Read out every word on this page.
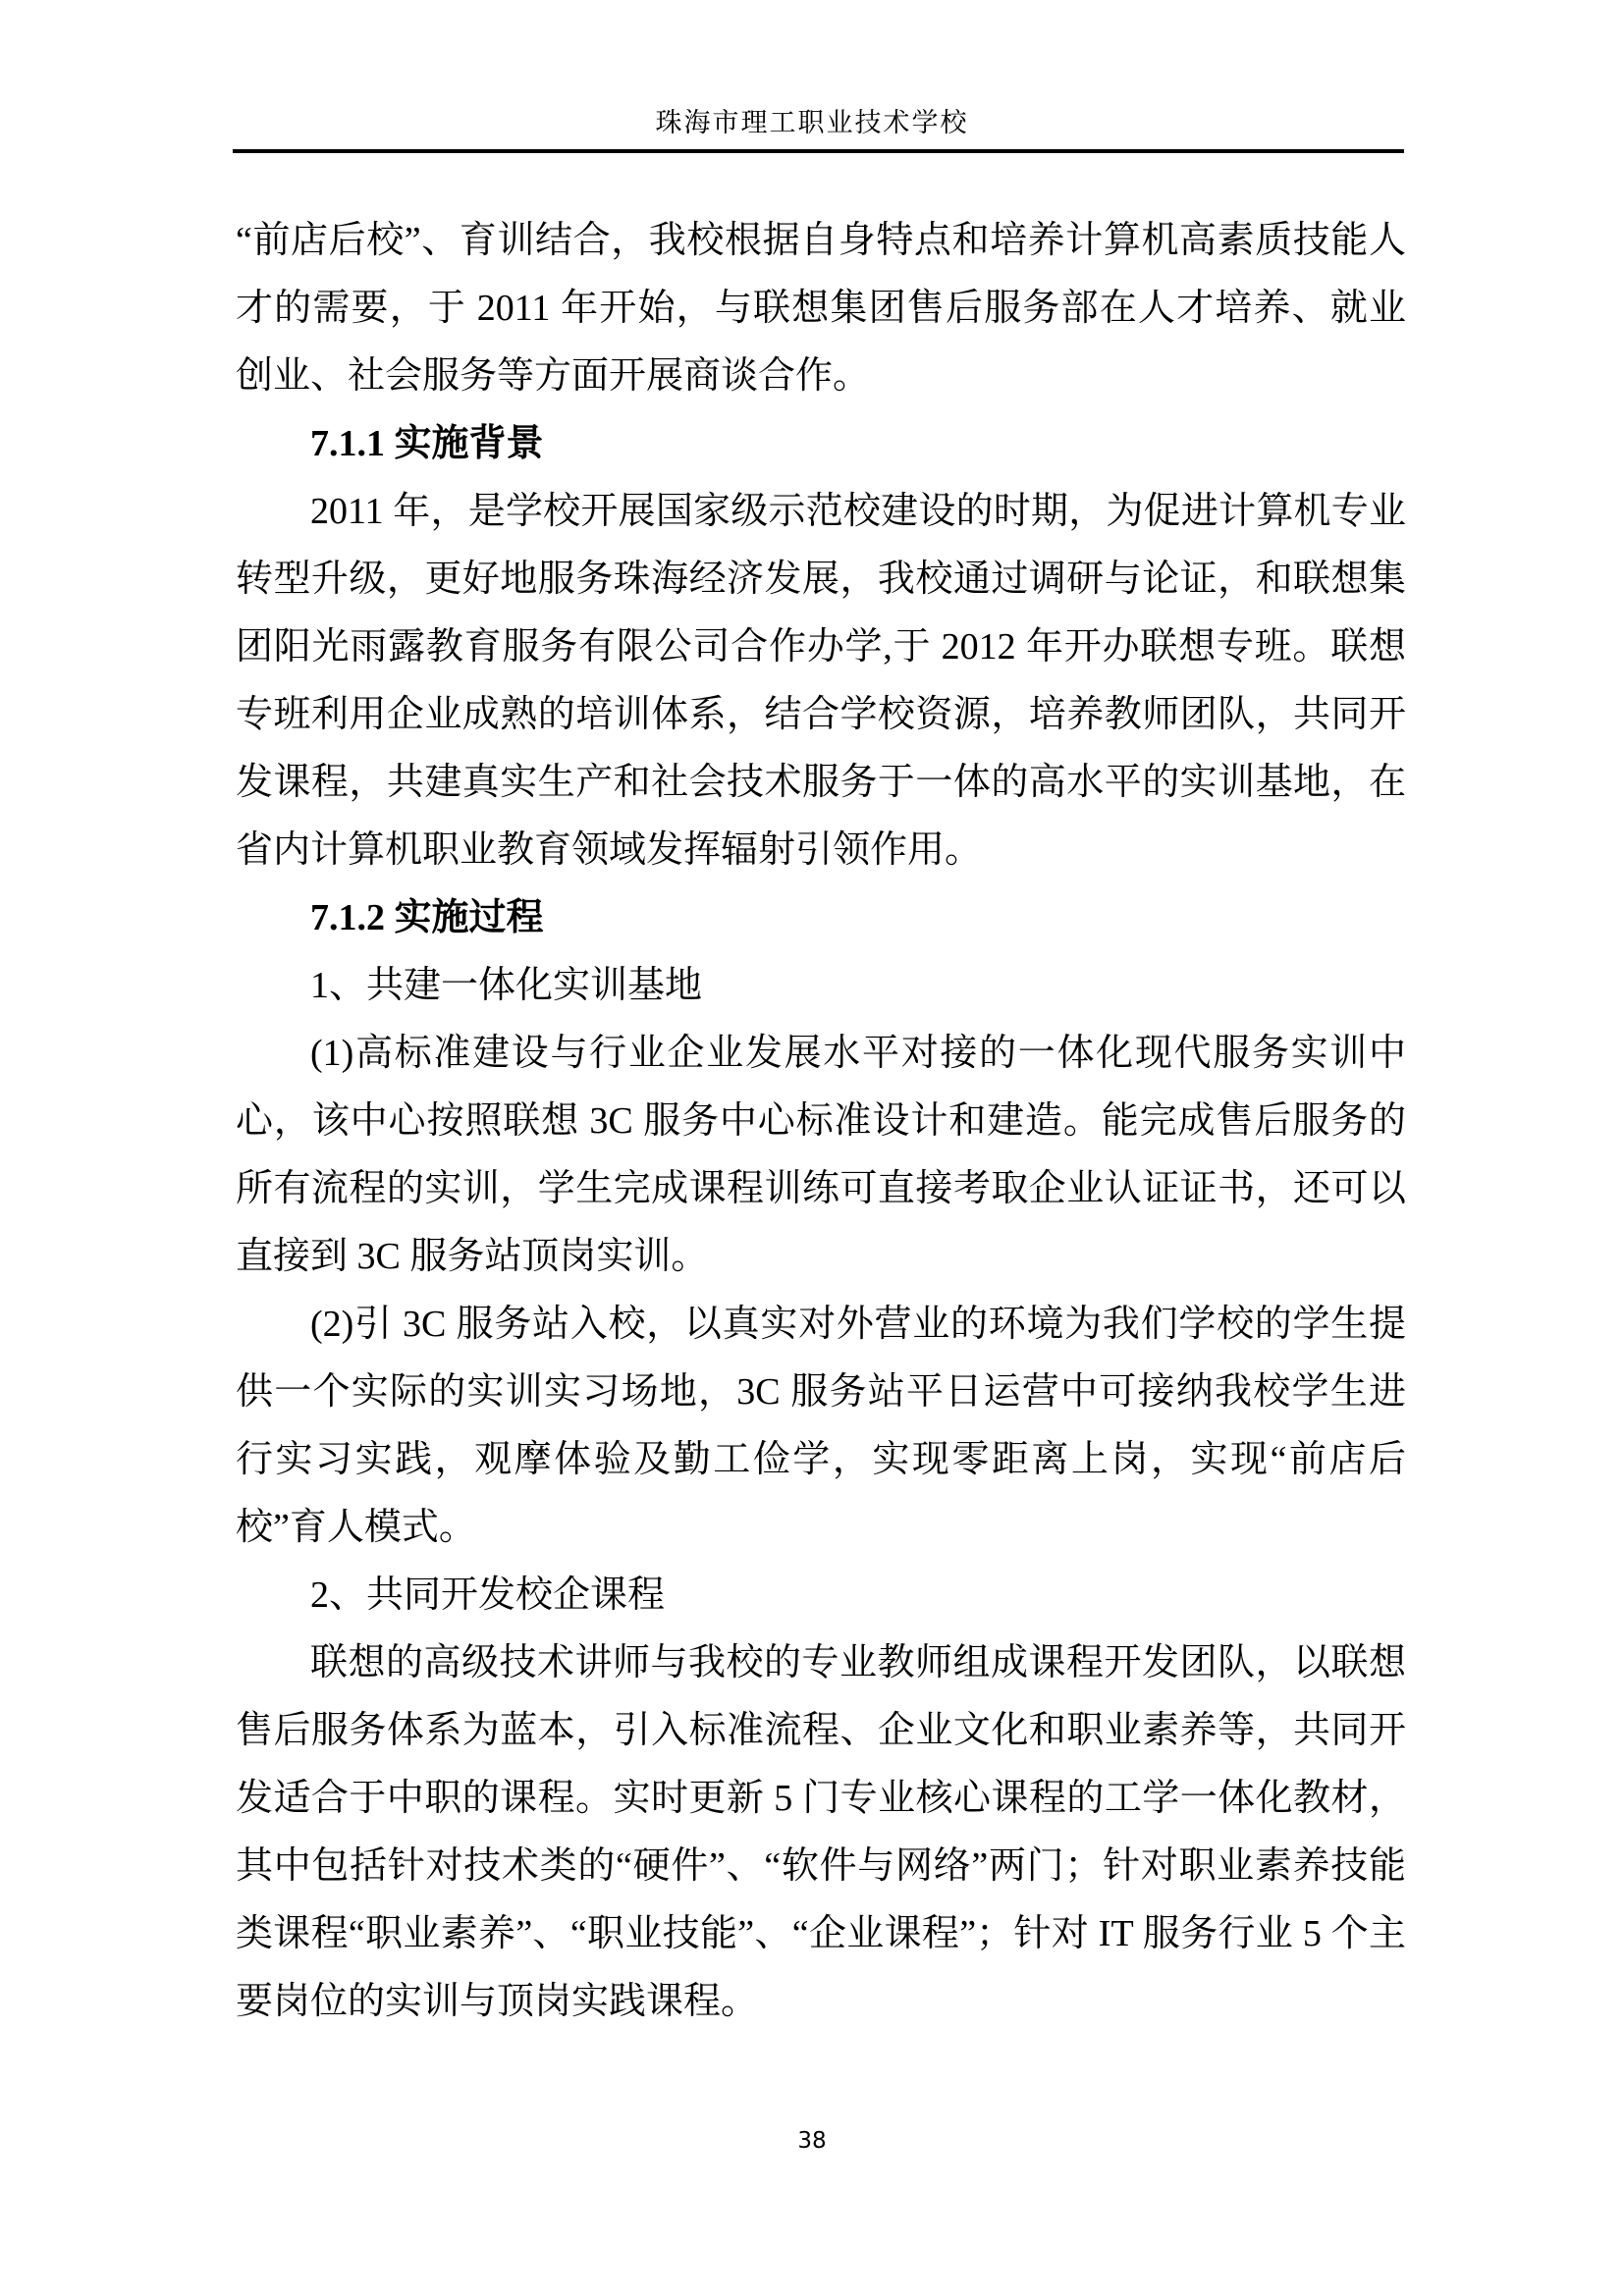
珠海市理工职业技术学校
“前店后校”、育训结合，我校根据自身特点和培养计算机高素质技能人才的需要，于 2011 年开始，与联想集团售后服务部在人才培养、就业创业、社会服务等方面开展商谈合作。
7.1.1 实施背景
2011 年，是学校开展国家级示范校建设的时期，为促进计算机专业转型升级，更好地服务珠海经济发展，我校通过调研与论证，和联想集团阳光雨露教育服务有限公司合作办学,于 2012 年开办联想专班。联想专班利用企业成熟的培训体系，结合学校资源，培养教师团队，共同开发课程，共建真实生产和社会技术服务于一体的高水平的实训基地，在省内计算机职业教育领域发挥辐射引领作用。
7.1.2 实施过程
1、共建一体化实训基地
(1)高标准建设与行业企业发展水平对接的一体化现代服务实训中心，该中心按照联想 3C 服务中心标准设计和建造。能完成售后服务的所有流程的实训，学生完成课程训练可直接考取企业认证证书，还可以直接到 3C 服务站顶岗实训。
(2)引 3C 服务站入校，以真实对外营业的环境为我们学校的学生提供一个实际的实训实习场地，3C 服务站平日运营中可接纳我校学生进行实习实践，观摩体验及勤工俭学，实现零距离上岗，实现“前店后校”育人模式。
2、共同开发校企课程
联想的高级技术讲师与我校的专业教师组成课程开发团队，以联想售后服务体系为蓝本，引入标准流程、企业文化和职业素养等，共同开发适合于中职的课程。实时更新 5 门专业核心课程的工学一体化教材，其中包括针对技术类的“硬件”、“软件与网络”两门；针对职业素养技能类课程“职业素养”、“职业技能”、“企业课程”；针对 IT 服务行业 5 个主要岗位的实训与顶岗实践课程。
38
